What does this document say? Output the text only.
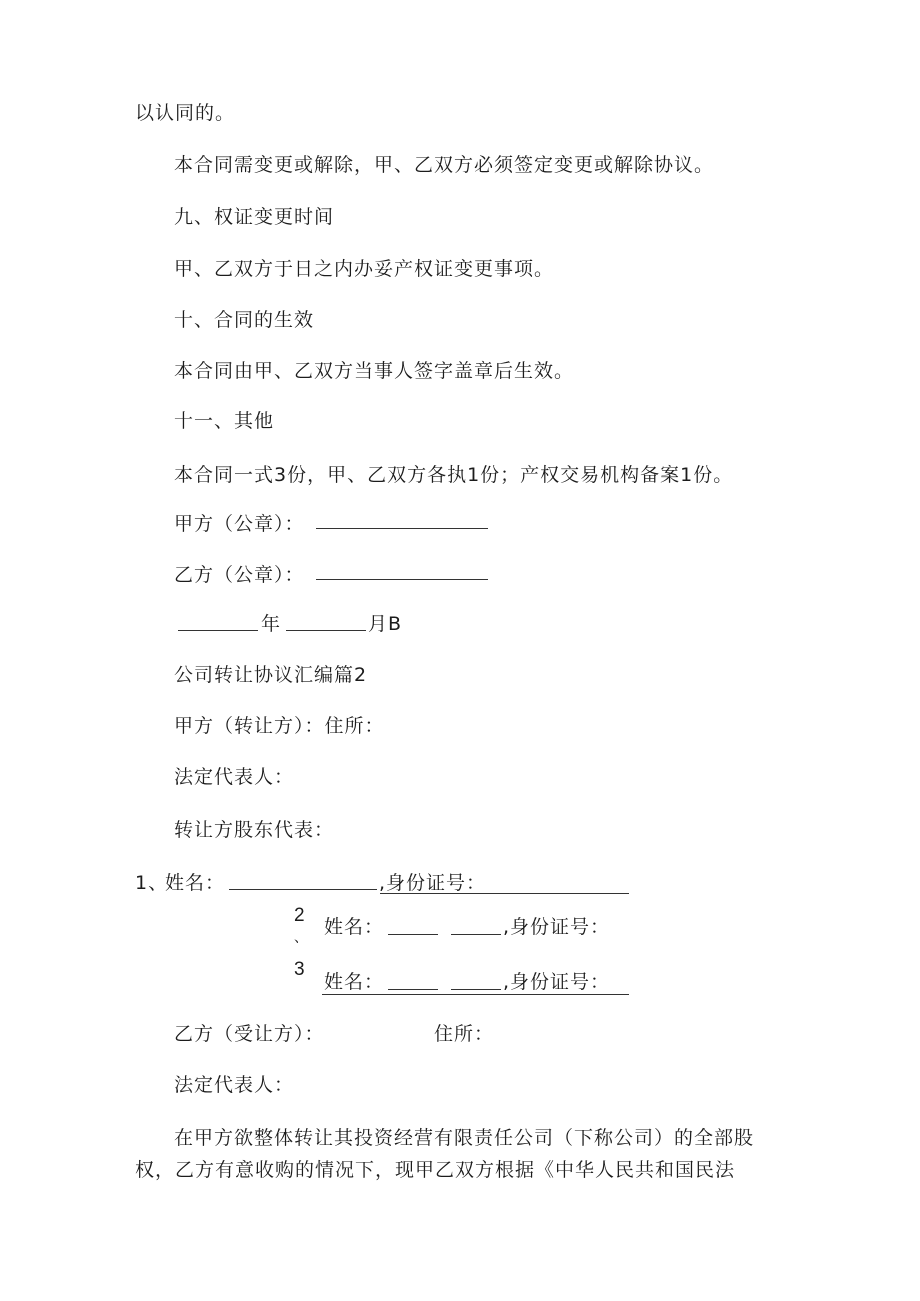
以认同的。
本合同需变更或解除，甲、乙双方必须签定变更或解除协议。
九、权证变更时间
甲、乙双方于日之内办妥产权证变更事项。
十、合同的生效
本合同由甲、乙双方当事人签字盖章后生效。
十一、其他
本合同一式3份，甲、乙双方各执1份；产权交易机构备案1份。
甲方（公章）：
乙方（公章）：
年	月B
公司转让协议汇编篇2
甲方（转让方）：住所：
法定代表人：
转让方股东代表：
1、
姓名：	,身份证号：
2
、 姓名：	,身份证号：
3
姓名：	,身份证号：
乙方（受让方）：	住所：
法定代表人：
在甲方欲整体转让其投资经营有限责任公司（下称公司）的全部股
权，乙方有意收购的情况下，现甲乙双方根据《中华人民共和国民法
